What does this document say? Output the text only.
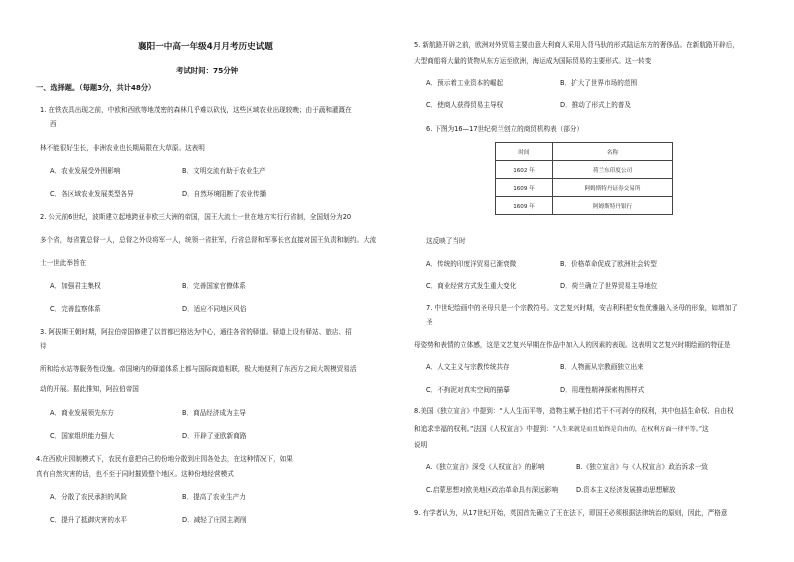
襄阳一中高一年级4月月考历史试题
考试时间：75分钟
一、选择题。（每题3分，共计48分）
1. 在铁农具出现之前，中欧和西欧等地茂密的森林几乎难以砍伐，这些区域农业出现较晚；由于蔬和灌溉在
西
林不能很好生长，非洲农业也长期局限在大草原。这表明
A．农业发展受外围影响	B．文明交流有助于农业生产
C．各区域农业发展类型各异	D．自然环境阻断了农业传播
2. 公元前6世纪，波斯建立起地跨亚非欧三大洲的帝国，国王大流士一世在地方实行行省制，全国划分为20
多个省，每省置总督一人，总督之外设将军一人，统领一省驻军，行省总督和军事长官直接对国王负责和制约。大流
士一世此举旨在
A．加强君主集权	B．完善国家官僚体系
C．完善监察体系	D．适应不同地区风俗
3. 阿拔斯王朝时期，阿拉伯帝国修建了以首都巴格达为中心，通往各省的驿道。驿道上设有驿站、旅店、招
待
所和给水站等服务性设施。帝国境内的驿道体系上都与国际商道相联，极大地便利了东西方之间大规模贸易活
动的开展。据此推知，阿拉伯帝国
A．商业发展领先东方	B．商品经济成为主导
C．国家组织能力强大	D．开辟了亚欧新商路
4.在西欧庄园制模式下，农民有意把自己的份地分散到庄园各处去，在这种情况下，如果
真有自然灾害的话，也不至于同时摧毁整个地区。这种份地经营模式
A．分散了农民承担的风险	B．提高了农业生产力
C．提升了抵御灾害的水平	D．减轻了庄园主剥削
5. 新航路开辟之前，欧洲对外贸易主要由意大利商人采用人背马驮的形式陆运东方的奢侈品。在新航路开辟后，
大型商船将大量的货物从东方运至欧洲，海运成为国际贸易的主要形式。这一转变
A．预示着工业资本的崛起	B．扩大了世界市场的范围
C．使商人获得贸易主导权	D．推动了形式上的普及
6. 下图为16—17世纪荷兰创立的商贸机构表（部分）
时间	名称
1602 年	荷兰东印度公司
1609 年	阿姆斯特丹证券交易所
1609 年	阿姆斯特丹银行
这反映了当时
A．传统的印度洋贸易已渐衰微	B．价格革命促成了欧洲社会转型
C．商业经营方式发生重大变化	D．荷兰确立了世界贸易主导地位
7. 中世纪绘画中的圣母只是一个宗教符号。文艺复兴时期，安吉利科把女性优雅融入圣母的形象，如增加了
圣
母姿势和表情的立体感，这是文艺复兴早期在作品中加入人的因素的表现。这表明文艺复兴时期绘画的特征是
A．人文主义与宗教传统共存	B．人物画从宗教画独立出来
C．不拘泥对真实空间的描摹	D．用理性精神探索构图样式
8.美国《独立宣言》中提到：“人人生而平等，造物主赋予他们若干不可剥夺的权利，其中包括生命权、自由权
和追求幸福的权利。”法国《人权宣言》中提到：“人生来就是而且始终是自由的，在权利方面一律平等。”这
说明
A.《独立宣言》深受《人权宣言》的影响	B.《独立宣言》与《人权宣言》政治诉求一致
C.启蒙思想对欧美地区政治革命具有深远影响	D.资本主义经济发展推动思想解放
9. 有学者认为，从17世纪开始，英国首先确立了王在法下，即国王必须根据法律统治的原则，因此，严格意
